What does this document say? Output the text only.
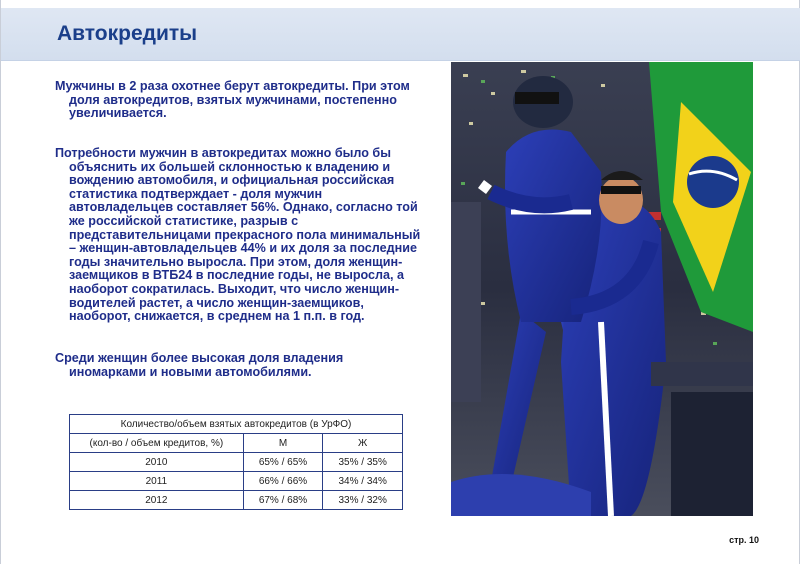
Автокредиты

Мужчины в 2 раза охотнее берут автокредиты. При этом доля автокредитов, взятых мужчинами, постепенно увеличивается.

Потребности мужчин в автокредитах можно было бы объяснить их большей склонностью к владению и вождению автомобиля, и официальная российская статистика подтверждает - доля мужчин автовладельцев составляет 56%. Однако, согласно той же российской статистике, разрыв с представительницами прекрасного пола минимальный – женщин-автовладельцев 44% и их доля за последние годы значительно выросла. При этом, доля женщин-заемщиков в ВТБ24 в последние годы, не выросла, а наоборот сократилась. Выходит, что число женщин-водителей растет, а число женщин-заемщиков, наоборот, снижается, в среднем на 1 п.п. в год.

Среди женщин более высокая доля владения иномарками и новыми автомобилями.

Количество/объем взятых автокредитов (в УрФО)		
(кол-во / объем кредитов, %)	М	Ж
2010	65% / 65%	35% / 35%
2011	66% / 66%	34% / 34%
2012	67% / 68%	33% / 32%
стр. 10
